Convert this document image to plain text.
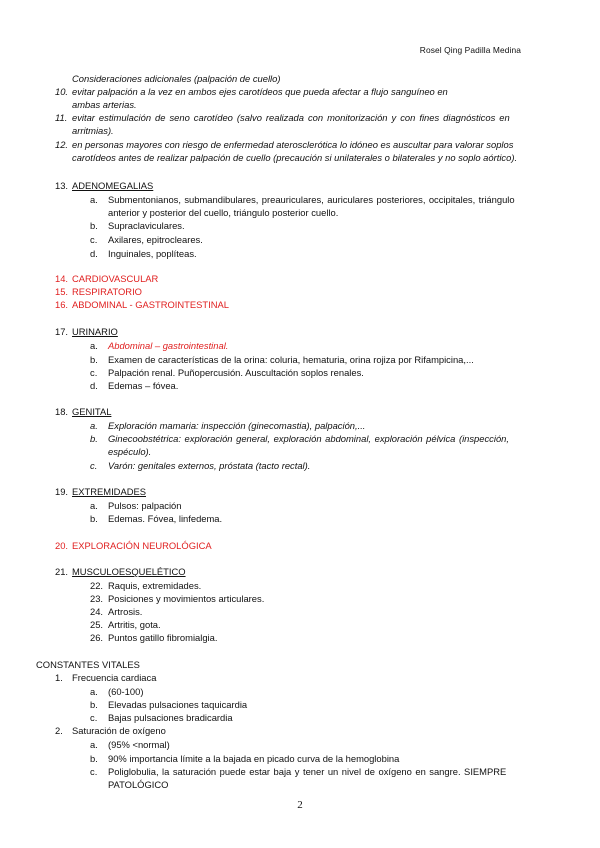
Rosel Qing Padilla Medina
Consideraciones adicionales (palpación de cuello)
10. evitar palpación a la vez en ambos ejes carotídeos que pueda afectar a flujo sanguíneo en
ambas arterias.
11. evitar estimulación de seno carotídeo (salvo realizada con monitorización y con fines diagnósticos en
arritmias).
12. en personas mayores con riesgo de enfermedad aterosclerótica lo idóneo es auscultar para valorar soplos
carotídeos antes de realizar palpación de cuello (precaución si unilaterales o bilaterales y no soplo aórtico).
13. ADENOMEGALIAS
a. Submentonianos, submandibulares, preauriculares, auriculares posteriores, occipitales, triángulo
anterior y posterior del cuello, triángulo posterior cuello.
b. Supraclaviculares.
c. Axilares, epitrocleares.
d. Inguinales, poplíteas.
14. CARDIOVASCULAR
15. RESPIRATORIO
16. ABDOMINAL - GASTROINTESTINAL
17. URINARIO
a. Abdominal – gastrointestinal.
b. Examen de características de la orina: coluria, hematuria, orina rojiza por Rifampicina,...
c. Palpación renal. Puñopercusión. Auscultación soplos renales.
d. Edemas – fóvea.
18. GENITAL
a. Exploración mamaria: inspección (ginecomastia), palpación,...
b. Ginecoobstétrica: exploración general, exploración abdominal, exploración pélvica (inspección,
espéculo).
c. Varón: genitales externos, próstata (tacto rectal).
19. EXTREMIDADES
a. Pulsos: palpación
b. Edemas. Fóvea, linfedema.
20. EXPLORACIÓN NEUROLÓGICA
21. MUSCULOESQUELÉTICO
22. Raquis, extremidades.
23. Posiciones y movimientos articulares.
24. Artrosis.
25. Artritis, gota.
26. Puntos gatillo fibromialgia.
CONSTANTES VITALES
1. Frecuencia cardiaca
a. (60-100)
b. Elevadas pulsaciones taquicardia
c. Bajas pulsaciones bradicardia
2. Saturación de oxígeno
a. (95% <normal)
b. 90% importancia límite a la bajada en picado curva de la hemoglobina
c. Poliglobulia, la saturación puede estar baja y tener un nivel de oxígeno en sangre. SIEMPRE
PATOLÓGICO
2
